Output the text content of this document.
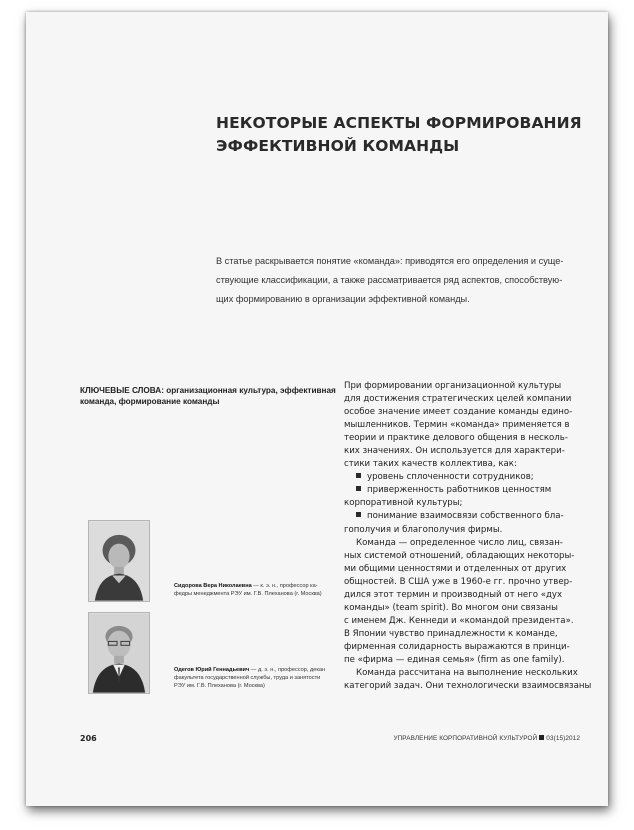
НЕКОТОРЫЕ АСПЕКТЫ ФОРМИРОВАНИЯ
ЭФФЕКТИВНОЙ КОМАНДЫ
В статье раскрывается понятие «команда»: приводятся его определения и суще-
ствующие классификации, а также рассматривается ряд аспектов, способствую-
щих формированию в организации эффективной команды.
КЛЮЧЕВЫЕ СЛОВА: организационная культура, эффективная
команда, формирование команды
Сидорова Вера Николаевна — к. э. н., профессор ка-
федры менеджмента РЭУ им. Г.В. Плеханова (г. Москва)
Одегов Юрий Геннадьевич — д. э. н., профессор, декан
факультета государственной службы, труда и занятости
РЭУ им. Г.В. Плеханова (г. Москва)
При формировании организационной культуры
для достижения стратегических целей компании
особое значение имеет создание команды едино-
мышленников. Термин «команда» применяется в
теории и практике делового общения в несколь-
ких значениях. Он используется для характери-
стики таких качеств коллектива, как:
уровень сплоченности сотрудников;
приверженность работников ценностям
корпоративной культуры;
понимание взаимосвязи собственного бла-
гополучия и благополучия фирмы.
Команда — определенное число лиц, связан-
ных системой отношений, обладающих некоторы-
ми общими ценностями и отделенных от других
общностей. В США уже в 1960-е гг. прочно утвер-
дился этот термин и производный от него «дух
команды» (team spirit). Во многом они связаны
с именем Дж. Кеннеди и «командой президента».
В Японии чувство принадлежности к команде,
фирменная солидарность выражаются в принци-
пе «фирма — единая семья» (firm as one family).
Команда рассчитана на выполнение нескольких
категорий задач. Они технологически взаимосвязаны
206	УПРАВЛЕНИЕ КОРПОРАТИВНОЙ КУЛЬТУРОЙ 03(15)2012
